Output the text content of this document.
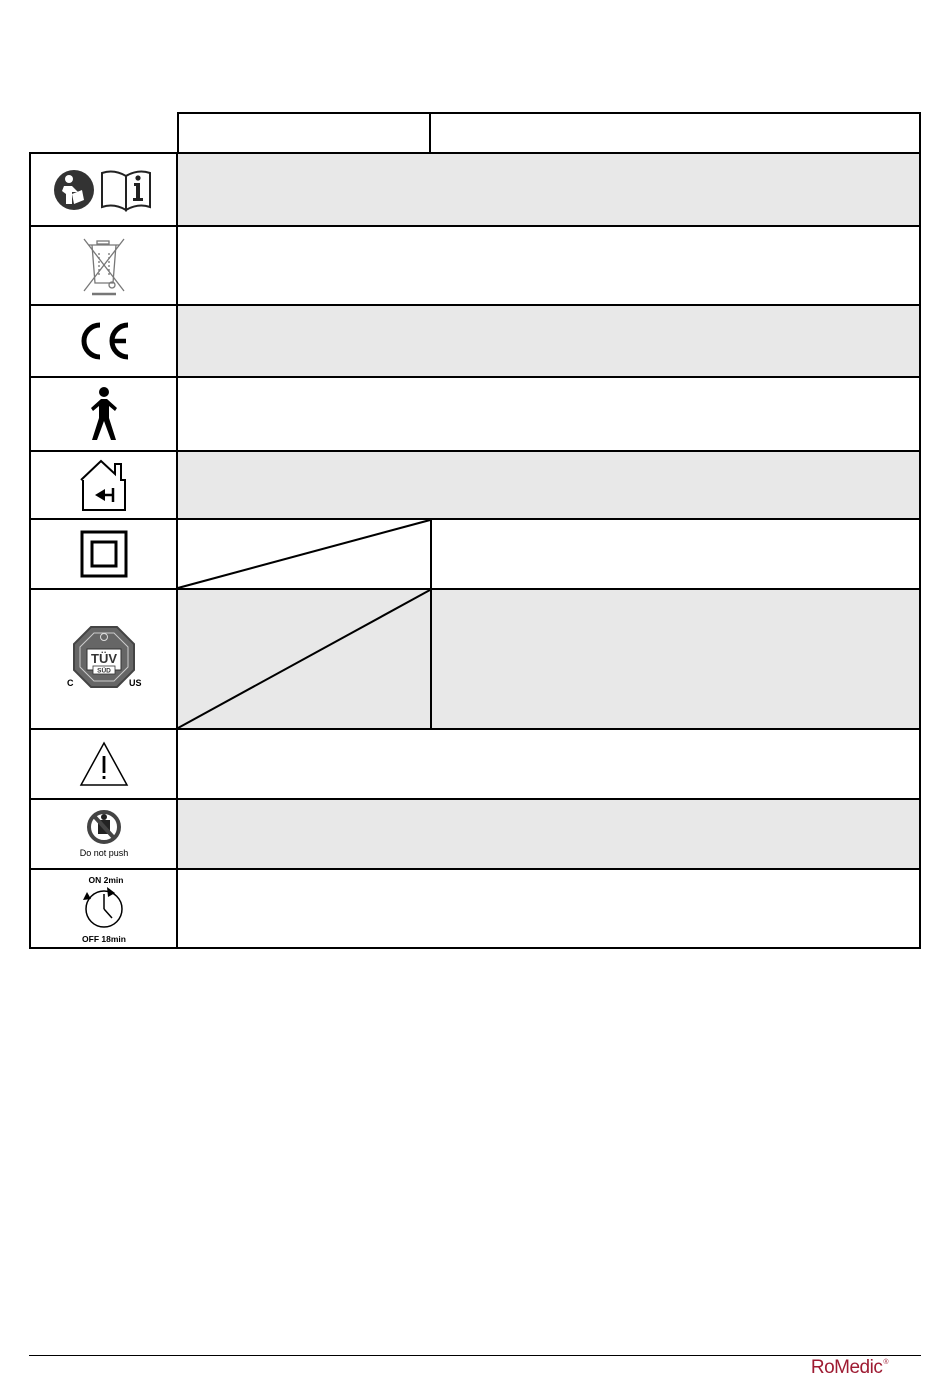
TÜV
SÜD
C	US
Do not push
ON 2min
OFF 18min
RoMedic®
